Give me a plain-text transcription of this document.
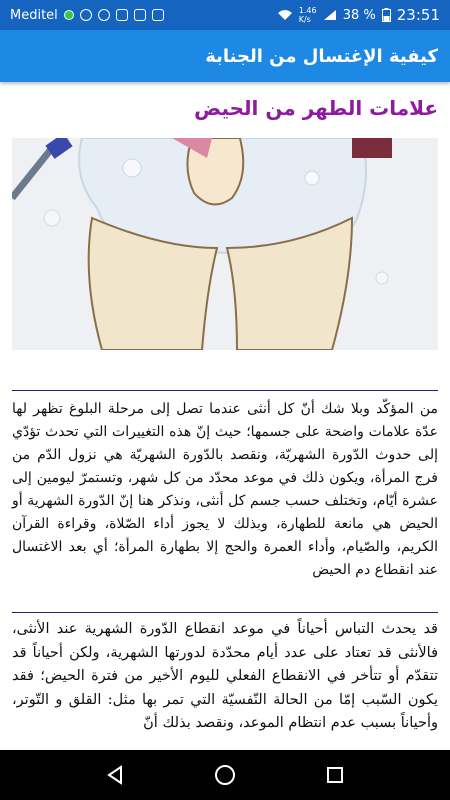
Meditel	1.46 K/s	38 % 23:51
كيفية الإغتسال من الجنابة
علامات الطهر من الحيض
من المؤكّد وبلا شك أنّ كل أنثى عندما تصل إلى مرحلة البلوغ تظهر لها عدّة علامات واضحة على جسمها؛ حيث إنّ هذه التغييرات التي تحدث تؤدّي إلى حدوث الدّورة الشهريّة، ونقصد بالدّورة الشهريّة هي نزول الدّم من فرج المرأة، ويكون ذلك في موعد محدّد من كل شهر، وتستمرّ ليومين إلى عشرة أيّام، وتختلف حسب جسم كل أنثى، ونذكر هنا إنّ الدّورة الشهرية أو الحيض هي مانعة للطهارة، وبذلك لا يجوز أداء الصّلاة، وقراءة القرآن الكريم، والصّيام، وأداء العمرة والحج إلا بطهارة المرأة؛ أي بعد الاغتسال عند انقطاع دم الحيض
قد يحدث التباس أحياناً في موعد انقطاع الدّورة الشهرية عند الأنثى، فالأنثى قد تعتاد على عدد أيام محدّدة لدورتها الشهرية، ولكن أحياناً قد تتقدّم أو تتأخر في الانقطاع الفعلي لليوم الأخير من فترة الحيض؛ فقد يكون السّبب إمّا من الحالة النّفسيّة التي تمر بها مثل: القلق و التّوتر، وأحياناً بسبب عدم انتظام الموعد، ونقصد بذلك أنّ
